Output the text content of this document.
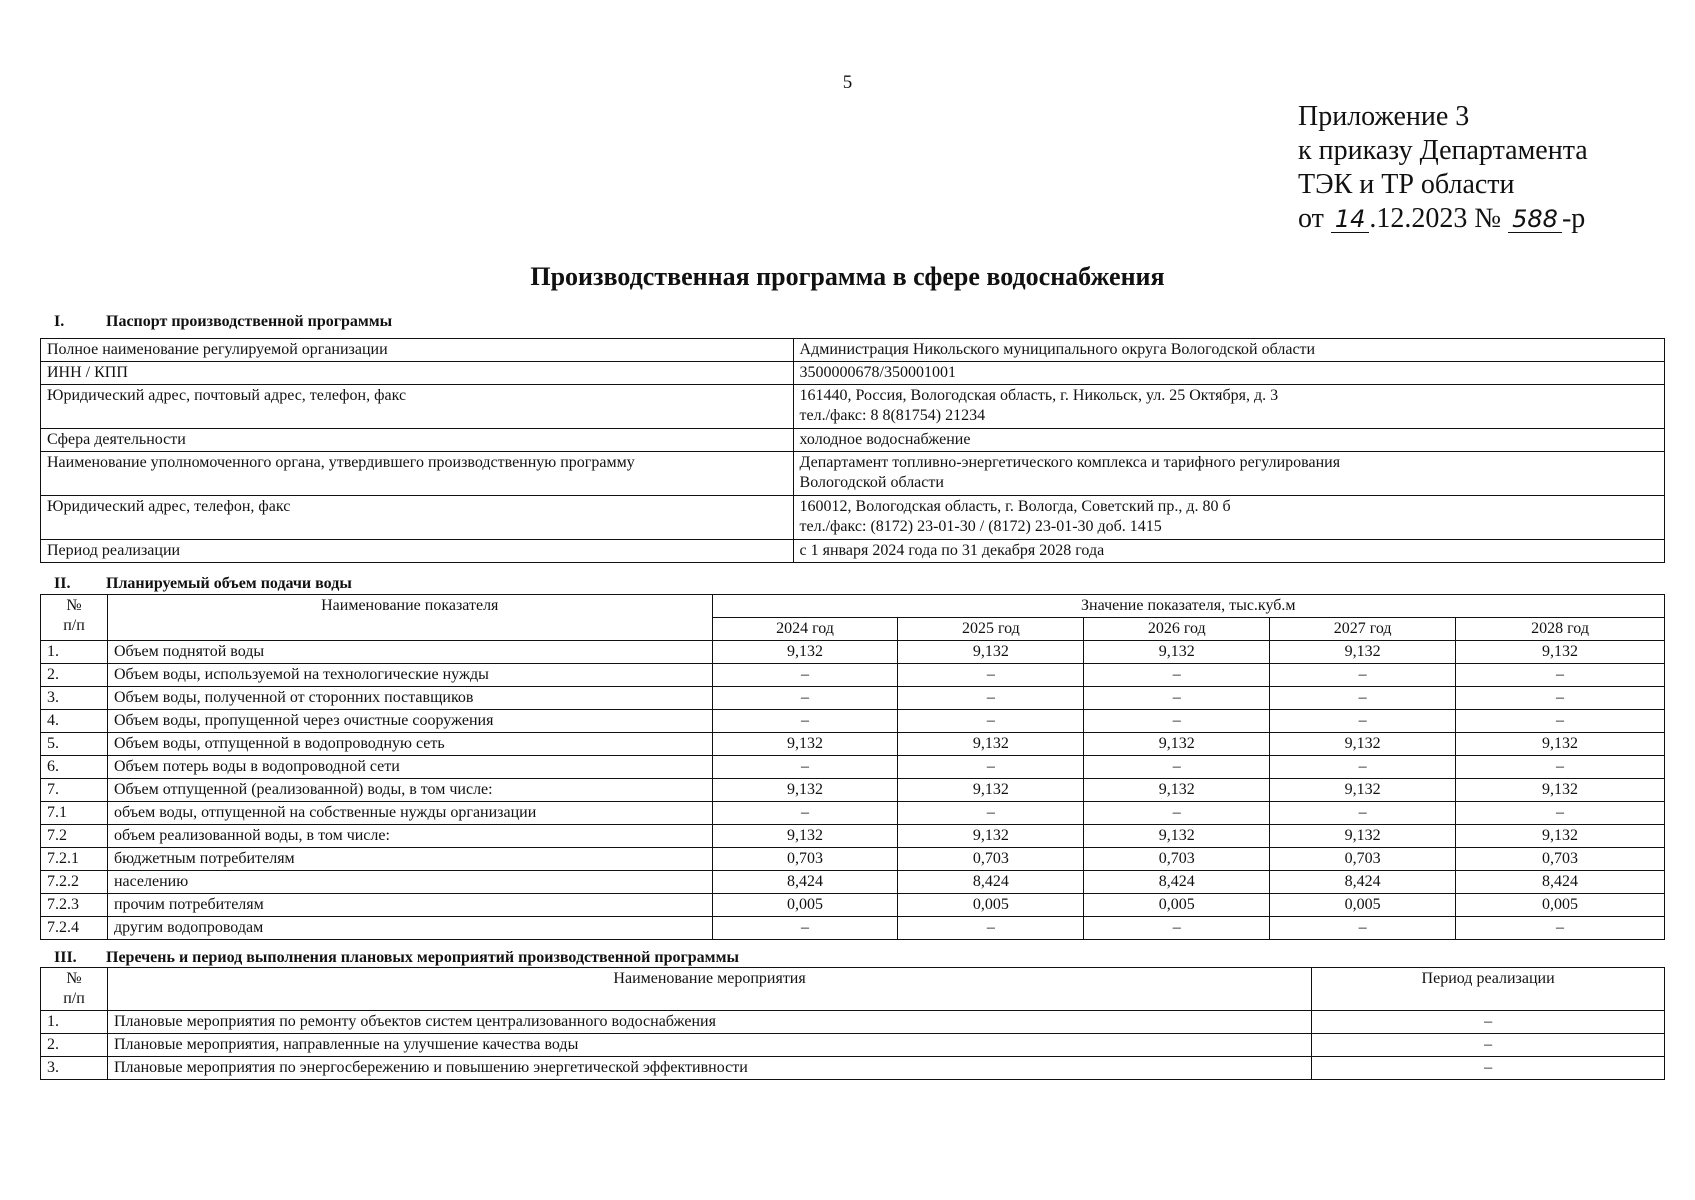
5
Приложение 3
к приказу Департамента
ТЭК и ТР области
от 14 .12.2023 № 588 -р
Производственная программа в сфере водоснабжения
I.	Паспорт производственной программы
Полное наименование регулируемой организации	Администрация Никольского муниципального округа Вологодской области

ИНН / КПП	3500000678/350001001

Юридический адрес, почтовый адрес, телефон, факс	161440, Россия, Вологодская область, г. Никольск, ул. 25 Октября, д. 3
тел./факс: 8 8(81754) 21234

Сфера деятельности	холодное водоснабжение

Наименование уполномоченного органа, утвердившего производственную программу	Департамент топливно-энергетического комплекса и тарифного регулирования
Вологодской области

Юридический адрес, телефон, факс	160012, Вологодская область, г. Вологда, Советский пр., д. 80 б
тел./факс: (8172) 23-01-30 / (8172) 23-01-30 доб. 1415

Период реализации	с 1 января 2024 года по 31 декабря 2028 года
II. Планируемый объем подачи воды
№
п/п	Наименование показателя	Значение показателя, тыс.куб.м				
		2024 год	2025 год	2026 год	2027 год	2028 год
1.	Объем поднятой воды	9,132	9,132	9,132	9,132	9,132
2.	Объем воды, используемой на технологические нужды	–	–	–	–	–
3.	Объем воды, полученной от сторонних поставщиков	–	–	–	–	–
4.	Объем воды, пропущенной через очистные сооружения	–	–	–	–	–
5.	Объем воды, отпущенной в водопроводную сеть	9,132	9,132	9,132	9,132	9,132
6.	Объем потерь воды в водопроводной сети	–	–	–	–	–
7.	Объем отпущенной (реализованной) воды, в том числе:	9,132	9,132	9,132	9,132	9,132
7.1	объем воды, отпущенной на собственные нужды организации	–	–	–	–	–
7.2	объем реализованной воды, в том числе:	9,132	9,132	9,132	9,132	9,132
7.2.1	бюджетным потребителям	0,703	0,703	0,703	0,703	0,703
7.2.2	населению	8,424	8,424	8,424	8,424	8,424
7.2.3	прочим потребителям	0,005	0,005	0,005	0,005	0,005
7.2.4	другим водопроводам	–	–	–	–	–
III. Перечень и период выполнения плановых мероприятий производственной программы
№
п/п	Наименование мероприятия	Период реализации
1.	Плановые мероприятия по ремонту объектов систем централизованного водоснабжения	–
2.	Плановые мероприятия, направленные на улучшение качества воды	–
3.	Плановые мероприятия по энергосбережению и повышению энергетической эффективности	–
